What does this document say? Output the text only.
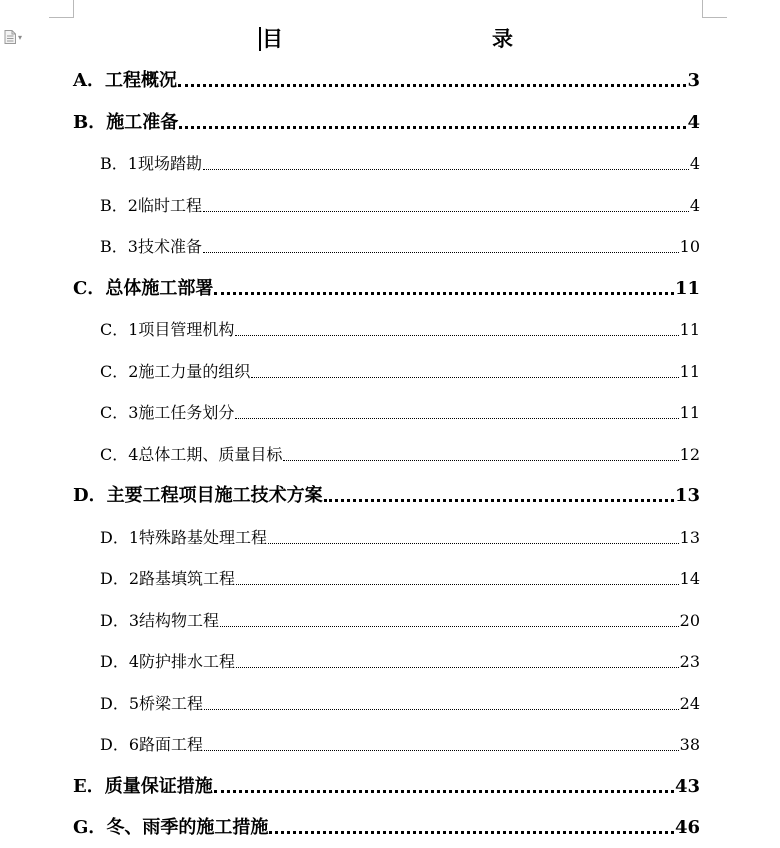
▾	目	录
A．工程概况	3
B．施工准备	4
B．1现场踏勘	4
B．2临时工程	4
B．3技术准备	10
C．总体施工部署	11
C．1项目管理机构	11
C．2施工力量的组织	11
C．3施工任务划分	11
C．4总体工期、质量目标	12
D．主要工程项目施工技术方案	13
D．1特殊路基处理工程	13
D．2路基填筑工程	14
D．3结构物工程	20
D．4防护排水工程	23
D．5桥梁工程	24
D．6路面工程	38
E．质量保证措施	43
G．冬、雨季的施工措施	46
